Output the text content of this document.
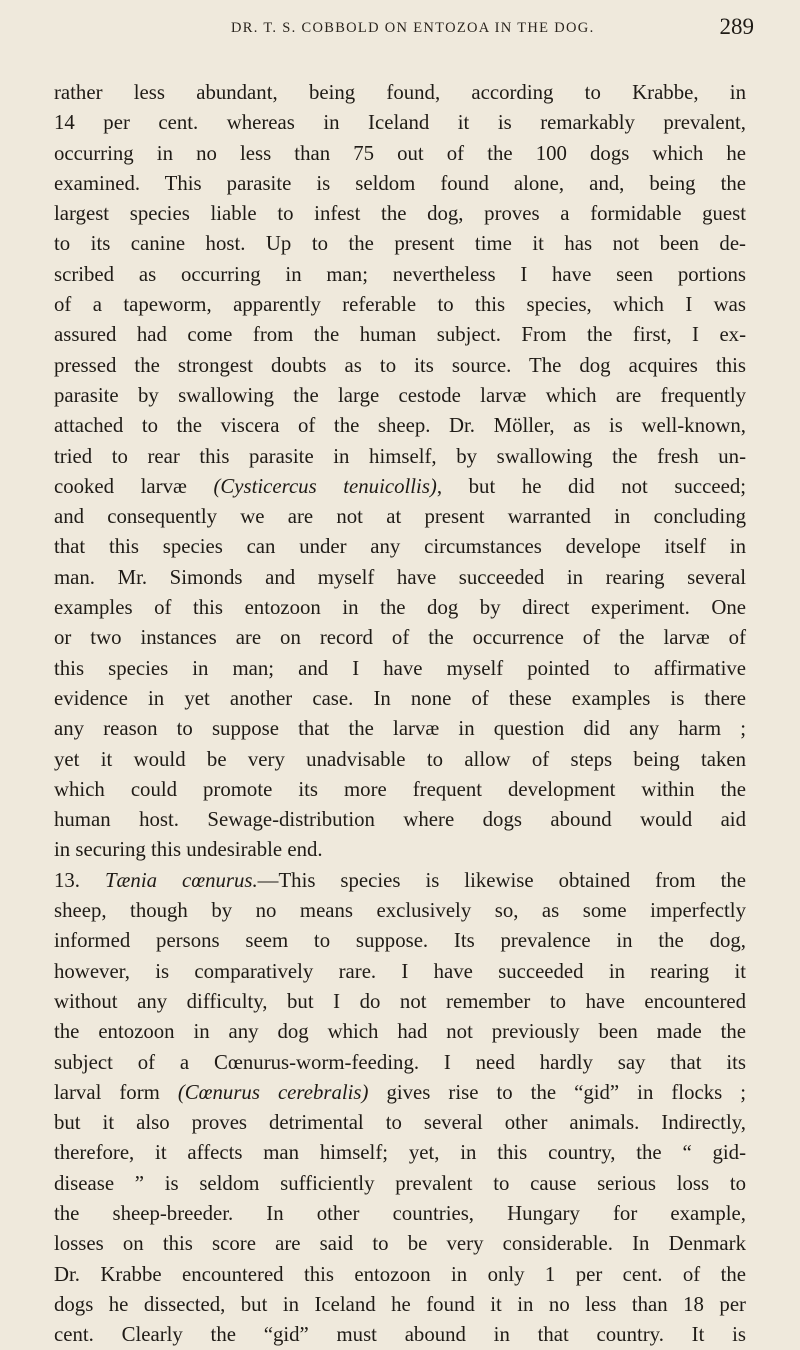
DR. T. S. COBBOLD ON ENTOZOA IN THE DOG.	289
rather less abundant, being found, according to Krabbe, in
14 per cent. whereas in Iceland it is remarkably prevalent,
occurring in no less than 75 out of the 100 dogs which he
examined. This parasite is seldom found alone, and, being the
largest species liable to infest the dog, proves a formidable guest
to its canine host. Up to the present time it has not been de-
scribed as occurring in man; nevertheless I have seen portions
of a tapeworm, apparently referable to this species, which I was
assured had come from the human subject. From the first, I ex-
pressed the strongest doubts as to its source. The dog acquires this
parasite by swallowing the large cestode larvæ which are frequently
attached to the viscera of the sheep. Dr. Möller, as is well-known,
tried to rear this parasite in himself, by swallowing the fresh un-
cooked larvæ (Cysticercus tenuicollis), but he did not succeed;
and consequently we are not at present warranted in concluding
that this species can under any circumstances develope itself in
man. Mr. Simonds and myself have succeeded in rearing several
examples of this entozoon in the dog by direct experiment. One
or two instances are on record of the occurrence of the larvæ of
this species in man; and I have myself pointed to affirmative
evidence in yet another case. In none of these examples is there
any reason to suppose that the larvæ in question did any harm ;
yet it would be very unadvisable to allow of steps being taken
which could promote its more frequent development within the
human host. Sewage-distribution where dogs abound would aid
in securing this undesirable end.
13. Tænia cœnurus.—This species is likewise obtained from the
sheep, though by no means exclusively so, as some imperfectly
informed persons seem to suppose. Its prevalence in the dog,
however, is comparatively rare. I have succeeded in rearing it
without any difficulty, but I do not remember to have encountered
the entozoon in any dog which had not previously been made the
subject of a Cœnurus-worm-feeding. I need hardly say that its
larval form (Cœnurus cerebralis) gives rise to the “gid” in flocks ;
but it also proves detrimental to several other animals. Indirectly,
therefore, it affects man himself; yet, in this country, the “ gid-
disease ” is seldom sufficiently prevalent to cause serious loss to
the sheep-breeder. In other countries, Hungary for example,
losses on this score are said to be very considerable. In Denmark
Dr. Krabbe encountered this entozoon in only 1 per cent. of the
dogs he dissected, but in Iceland he found it in no less than 18 per
cent. Clearly the “gid” must abound in that country. It is
